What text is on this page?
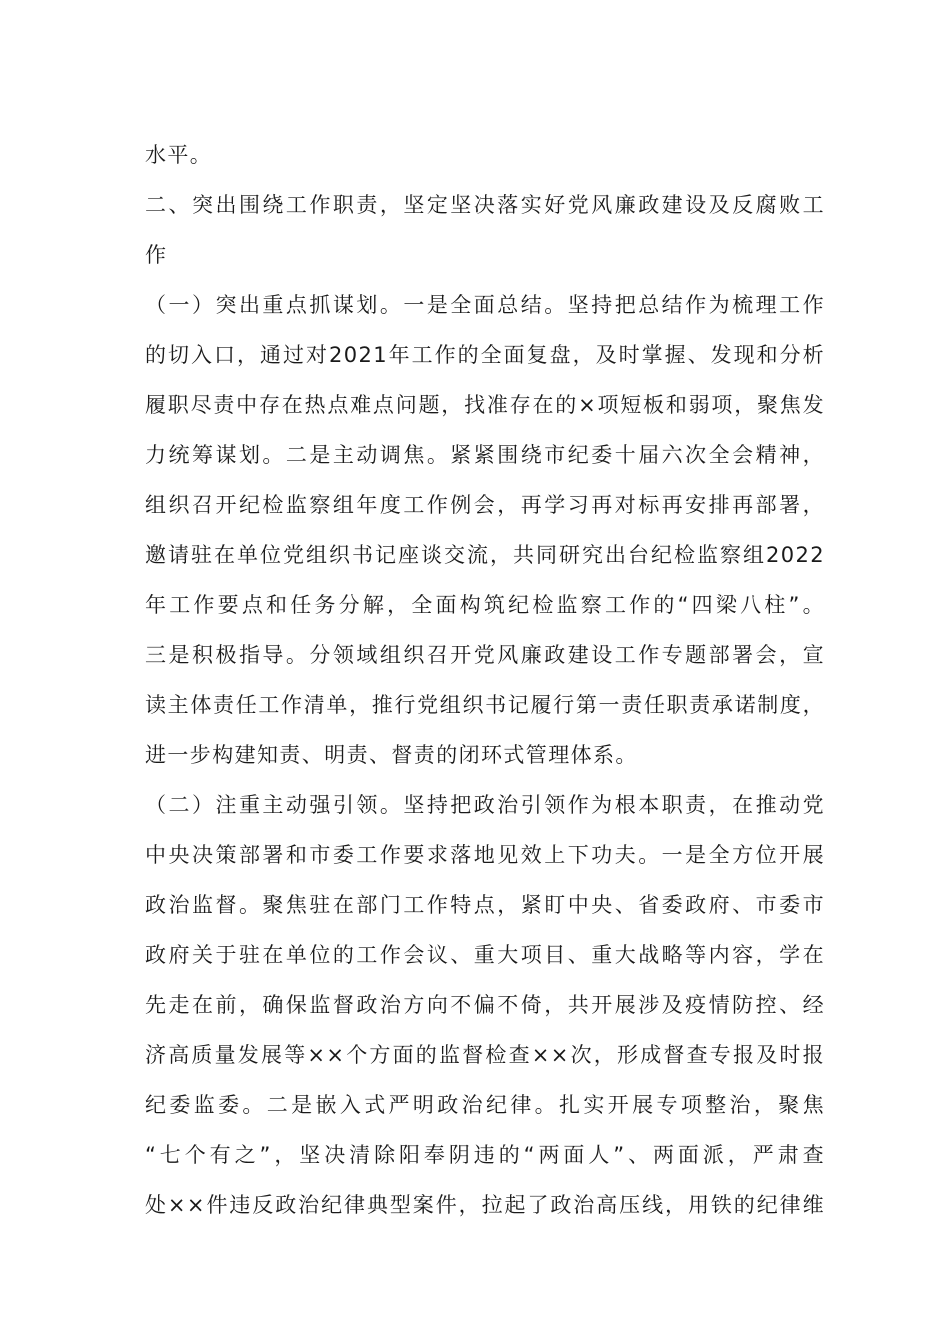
水平。
二、突出围绕工作职责，坚定坚决落实好党风廉政建设及反腐败工
作
（一）突出重点抓谋划。一是全面总结。坚持把总结作为梳理工作
的切入口，通过对2021年工作的全面复盘，及时掌握、发现和分析
履职尽责中存在热点难点问题，找准存在的×项短板和弱项，聚焦发
力统筹谋划。二是主动调焦。紧紧围绕市纪委十届六次全会精神，
组织召开纪检监察组年度工作例会，再学习再对标再安排再部署，
邀请驻在单位党组织书记座谈交流，共同研究出台纪检监察组2022
年工作要点和任务分解，全面构筑纪检监察工作的“四梁八柱”。
三是积极指导。分领域组织召开党风廉政建设工作专题部署会，宣
读主体责任工作清单，推行党组织书记履行第一责任职责承诺制度，
进一步构建知责、明责、督责的闭环式管理体系。
（二）注重主动强引领。坚持把政治引领作为根本职责，在推动党
中央决策部署和市委工作要求落地见效上下功夫。一是全方位开展
政治监督。聚焦驻在部门工作特点，紧盯中央、省委政府、市委市
政府关于驻在单位的工作会议、重大项目、重大战略等内容，学在
先走在前，确保监督政治方向不偏不倚，共开展涉及疫情防控、经
济高质量发展等××个方面的监督检查××次，形成督查专报及时报
纪委监委。二是嵌入式严明政治纪律。扎实开展专项整治，聚焦
“七个有之”，坚决清除阳奉阴违的“两面人”、两面派，严肃查
处××件违反政治纪律典型案件，拉起了政治高压线，用铁的纪律维
